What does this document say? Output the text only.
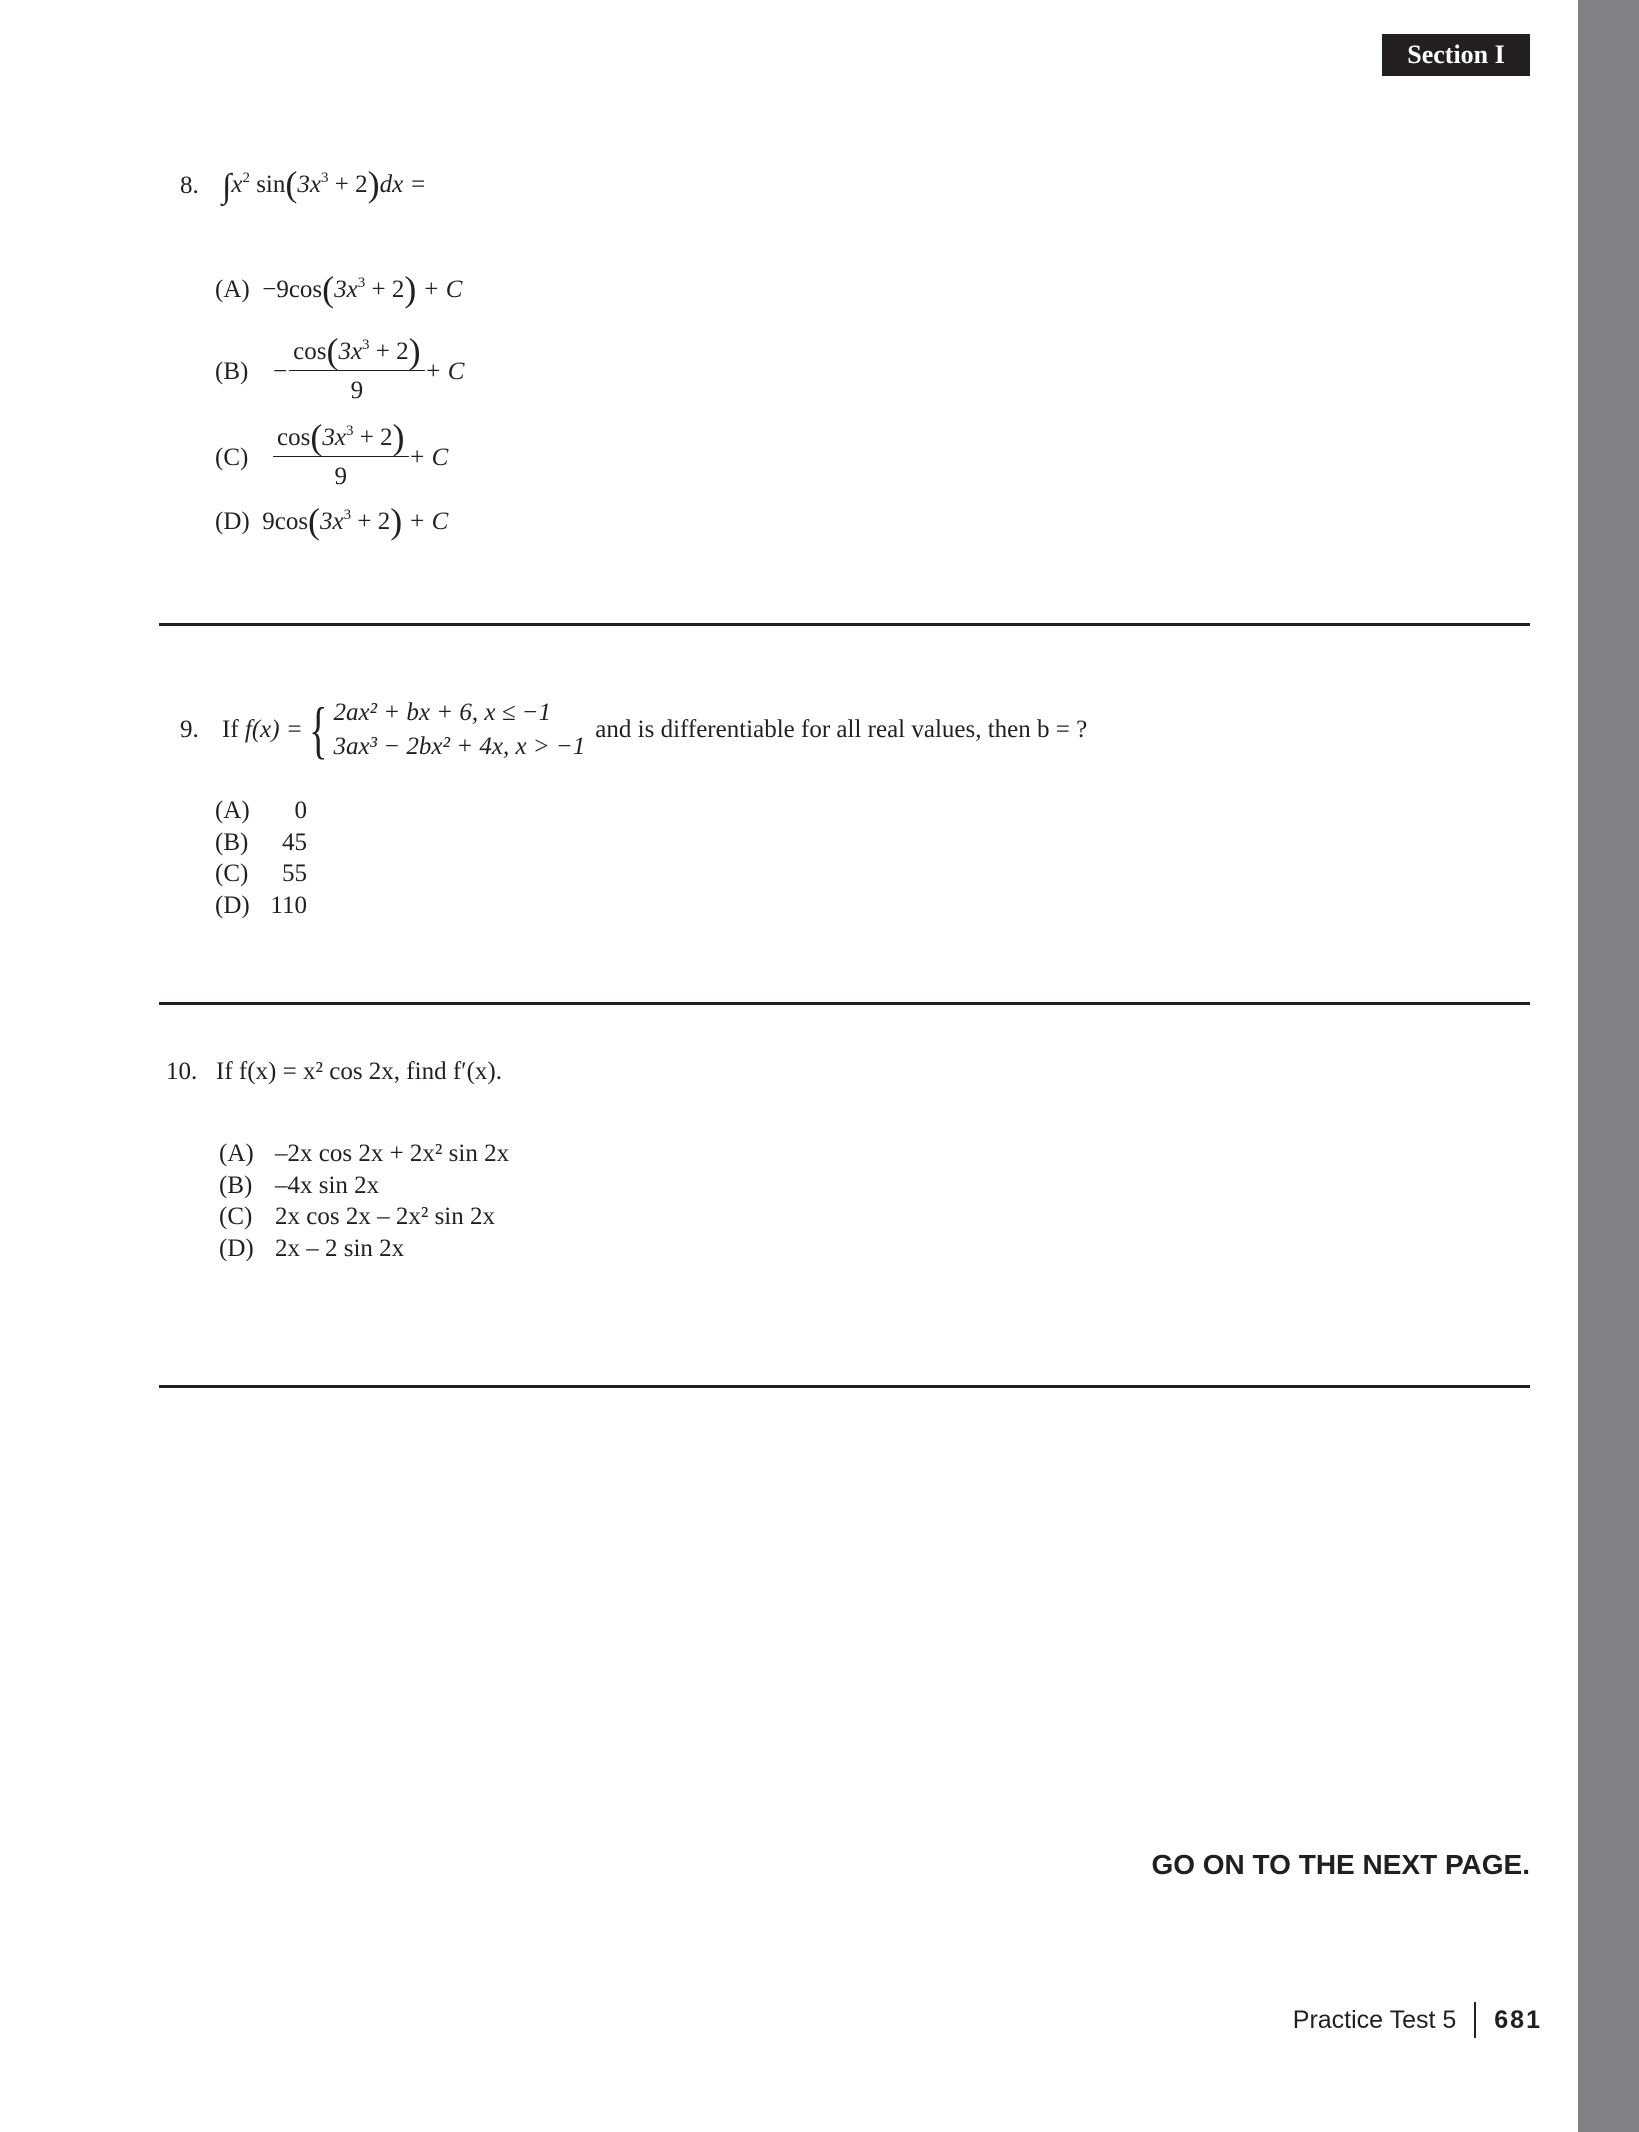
Section I
8. $\int x^2$ $\sin(3x^3 + 2)dx$ =
$(A) -9\cos(3x^3 + 2) + C$
$(B) - \frac{\cos(3x^3 + 2)}{9} + C$
$(C) \frac{\cos(3x^3 + 2)}{9} + C$
(D) $9\cos(3x^3 + 2) + C$
9. If
f(x) = { 2ax² + bx + 6, x ≤ −1
3ax³ − 2bx² + 4x, x > −1
and is differentiable for all real values, then b = ?
(A) 0
(B) 45
(C) 55
(D) 110
10. If f(x) = x² cos 2x, find f′(x).
(A) –2x cos 2x + 2x² sin 2x
(B) –4x sin 2x
(C) 2x cos 2x – 2x² sin 2x
(D) 2x – 2 sin 2x
GO ON TO THE NEXT PAGE.
Practice Test 5 681
